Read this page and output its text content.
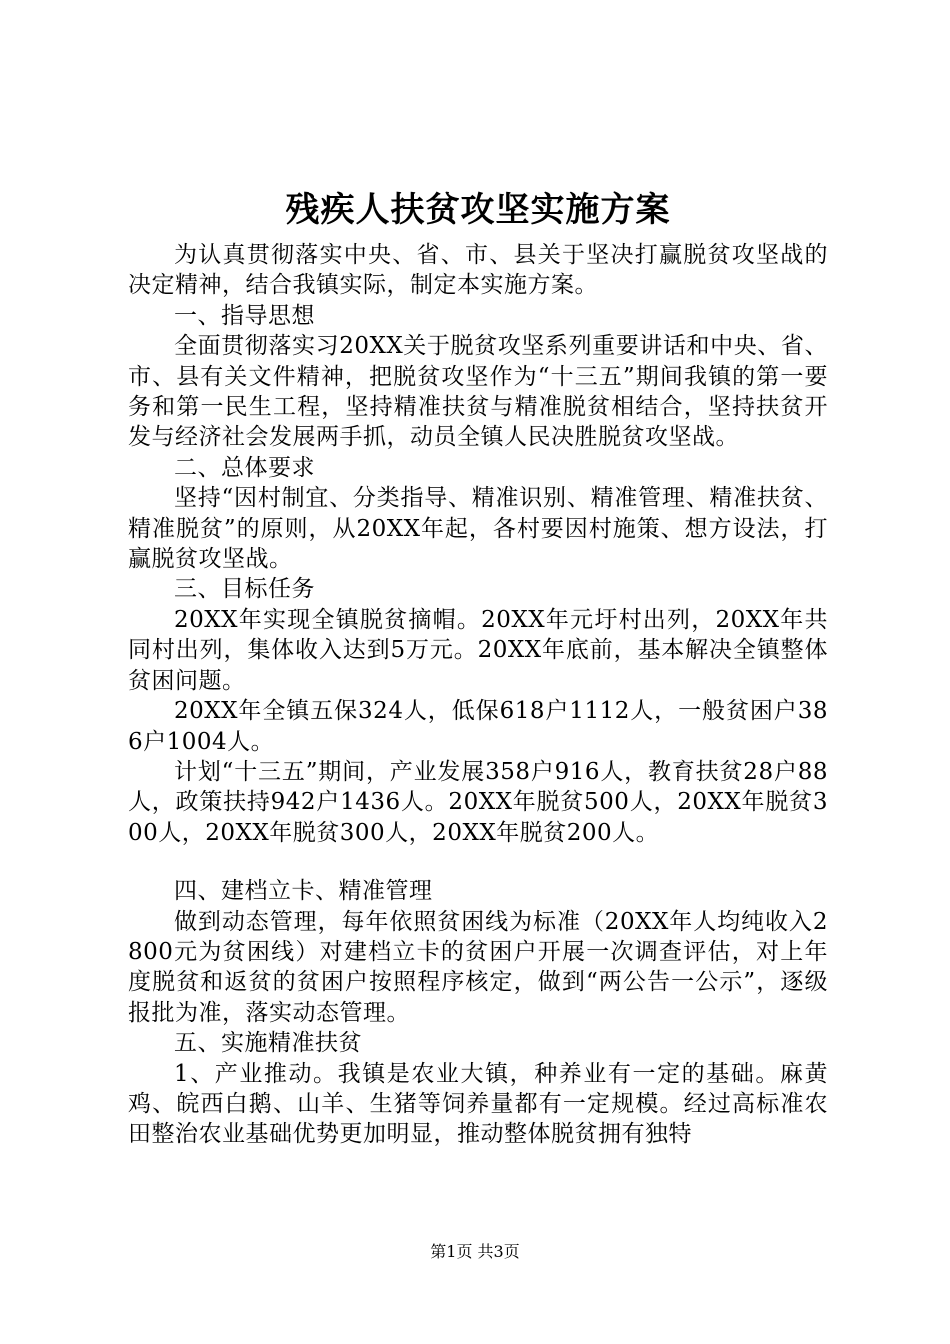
残疾人扶贫攻坚实施方案

为认真贯彻落实中央、省、市、县关于坚决打赢脱贫攻坚战的决定精神，结合我镇实际，制定本实施方案。

一、指导思想

全面贯彻落实习20XX关于脱贫攻坚系列重要讲话和中央、省、市、县有关文件精神，把脱贫攻坚作为“十三五”期间我镇的第一要务和第一民生工程，坚持精准扶贫与精准脱贫相结合，坚持扶贫开发与经济社会发展两手抓，动员全镇人民决胜脱贫攻坚战。

二、总体要求

坚持“因村制宜、分类指导、精准识别、精准管理、精准扶贫、精准脱贫”的原则，从20XX年起，各村要因村施策、想方设法，打赢脱贫攻坚战。

三、目标任务

20XX年实现全镇脱贫摘帽。20XX年元圩村出列，20XX年共同村出列，集体收入达到5万元。20XX年底前，基本解决全镇整体贫困问题。

20XX年全镇五保324人，低保618户1112人，一般贫困户386户1004人。

计划“十三五”期间，产业发展358户916人，教育扶贫28户88人，政策扶持942户1436人。20XX年脱贫500人，20XX年脱贫300人，20XX年脱贫300人，20XX年脱贫200人。

四、建档立卡、精准管理

做到动态管理，每年依照贫困线为标准（20XX年人均纯收入2800元为贫困线）对建档立卡的贫困户开展一次调查评估，对上年度脱贫和返贫的贫困户按照程序核定，做到“两公告一公示”，逐级报批为准，落实动态管理。

五、实施精准扶贫

1、产业推动。我镇是农业大镇，种养业有一定的基础。麻黄鸡、皖西白鹅、山羊、生猪等饲养量都有一定规模。经过高标准农田整治农业基础优势更加明显，推动整体脱贫拥有独特

第1页 共3页
